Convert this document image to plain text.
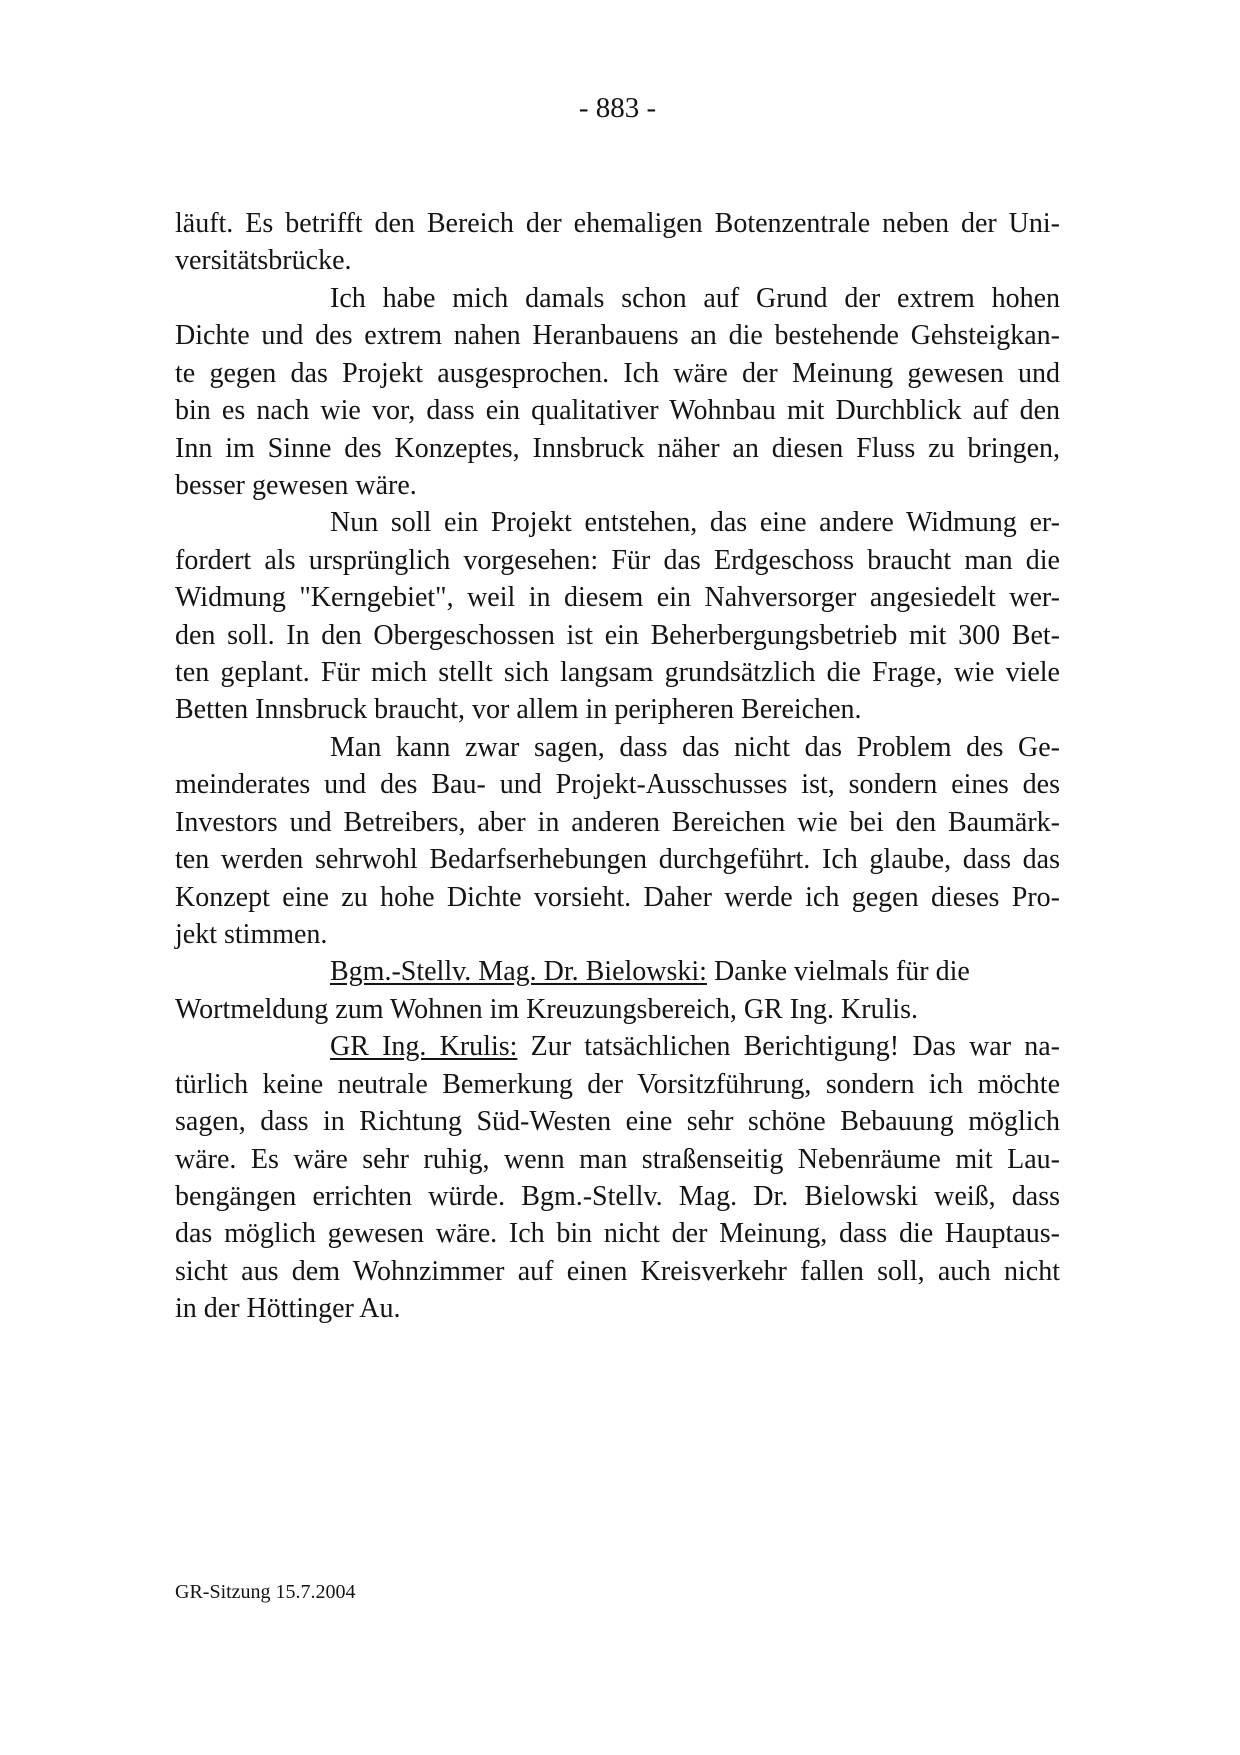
- 883 -
läuft. Es betrifft den Bereich der ehemaligen Botenzentrale neben der Uni-
versitätsbrücke.
Ich habe mich damals schon auf Grund der extrem hohen
Dichte und des extrem nahen Heranbauens an die bestehende Gehsteigkan-
te gegen das Projekt ausgesprochen. Ich wäre der Meinung gewesen und
bin es nach wie vor, dass ein qualitativer Wohnbau mit Durchblick auf den
Inn im Sinne des Konzeptes, Innsbruck näher an diesen Fluss zu bringen,
besser gewesen wäre.
Nun soll ein Projekt entstehen, das eine andere Widmung er-
fordert als ursprünglich vorgesehen: Für das Erdgeschoss braucht man die
Widmung "Kerngebiet", weil in diesem ein Nahversorger angesiedelt wer-
den soll. In den Obergeschossen ist ein Beherbergungsbetrieb mit 300 Bet-
ten geplant. Für mich stellt sich langsam grundsätzlich die Frage, wie viele
Betten Innsbruck braucht, vor allem in peripheren Bereichen.
Man kann zwar sagen, dass das nicht das Problem des Ge-
meinderates und des Bau- und Projekt-Ausschusses ist, sondern eines des
Investors und Betreibers, aber in anderen Bereichen wie bei den Baumärk-
ten werden sehrwohl Bedarfserhebungen durchgeführt. Ich glaube, dass das
Konzept eine zu hohe Dichte vorsieht. Daher werde ich gegen dieses Pro-
jekt stimmen.
Bgm.-Stellv. Mag. Dr. Bielowski: Danke vielmals für die
Wortmeldung zum Wohnen im Kreuzungsbereich, GR Ing. Krulis.
GR Ing. Krulis: Zur tatsächlichen Berichtigung! Das war na-
türlich keine neutrale Bemerkung der Vorsitzführung, sondern ich möchte
sagen, dass in Richtung Süd-Westen eine sehr schöne Bebauung möglich
wäre. Es wäre sehr ruhig, wenn man straßenseitig Nebenräume mit Lau-
bengängen errichten würde. Bgm.-Stellv. Mag. Dr. Bielowski weiß, dass
das möglich gewesen wäre. Ich bin nicht der Meinung, dass die Hauptaus-
sicht aus dem Wohnzimmer auf einen Kreisverkehr fallen soll, auch nicht
in der Höttinger Au.
GR-Sitzung 15.7.2004
